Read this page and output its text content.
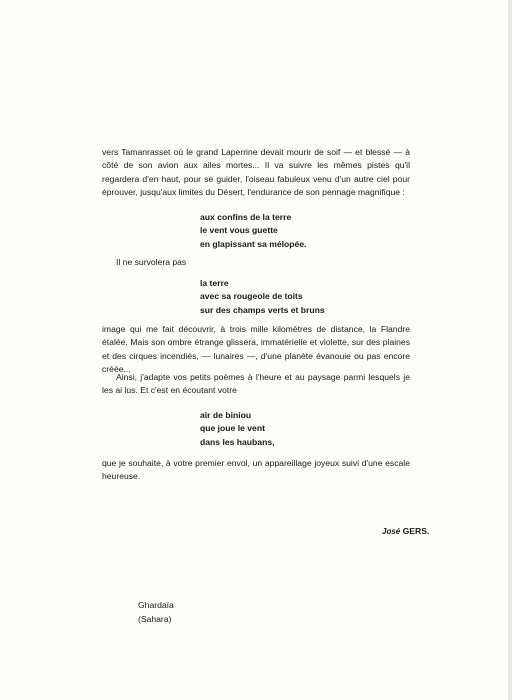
vers Tamanrasset où le grand Laperrine devait mourir de soif — et blessé — à côté de son avion aux ailes mortes... Il va suivre les mêmes pistes qu'il regardera d'en haut, pour se guider, l'oiseau fabuleux venu d'un autre ciel pour éprouver, jusqu'aux limites du Désert, l'endurance de son pennage magnifique :

aux confins de la terre
le vent vous guette
en glapissant sa mélopée.

Il ne survolera pas

la terre
avec sa rougeole de toits
sur des champs verts et bruns

image qui me fait découvrir, à trois mille kilomètres de distance, la Flandre étalée. Mais son ombre étrange glissera, immatérielle et violette, sur des plaines et des cirques incendiés, — lunaires —, d'une planète évanouie ou pas encore créée...

Ainsi, j'adapte vos petits poèmes à l'heure et au paysage parmi lesquels je les ai lus. Et c'est en écoutant votre

air de biniou
que joue le vent
dans les haubans,

que je souhaite, à votre premier envol, un appareillage joyeux suivi d'une escale heureuse.

José GERS.
Ghardaïa
(Sahara)
